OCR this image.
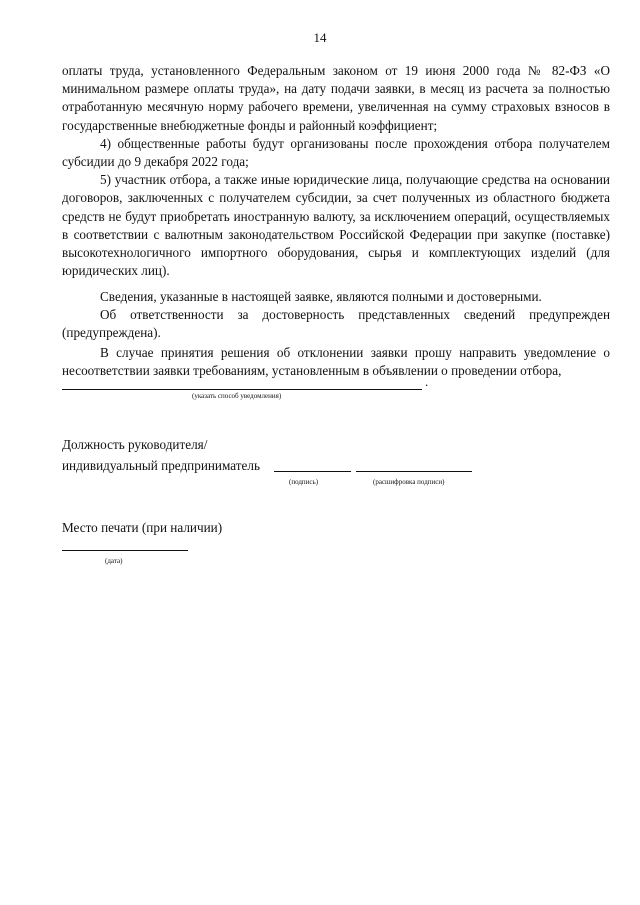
14

оплаты труда, установленного Федеральным законом от 19 июня 2000 года № 82-ФЗ «О минимальном размере оплаты труда», на дату подачи заявки, в месяц из расчета за полностью отработанную месячную норму рабочего времени, увеличенная на сумму страховых взносов в государственные внебюджетные фонды и районный коэффициент;

4) общественные работы будут организованы после прохождения отбора получателем субсидии до 9 декабря 2022 года;

5) участник отбора, а также иные юридические лица, получающие средства на основании договоров, заключенных с получателем субсидии, за счет полученных из областного бюджета средств не будут приобретать иностранную валюту, за исключением операций, осуществляемых в соответствии с валютным законодательством Российской Федерации при закупке (поставке) высокотехнологичного импортного оборудования, сырья и комплектующих изделий (для юридических лиц).

Сведения, указанные в настоящей заявке, являются полными и достоверными.

Об ответственности за достоверность представленных сведений предупрежден (предупреждена).

В случае принятия решения об отклонении заявки прошу направить уведомление о несоответствии заявки требованиям, установленным в объявлении о проведении отбора,

.
(указать способ уведомления)
Должность руководителя/
индивидуальный предприниматель
(подпись)	(расшифровка подписи)
Место печати (при наличии)
(дата)
